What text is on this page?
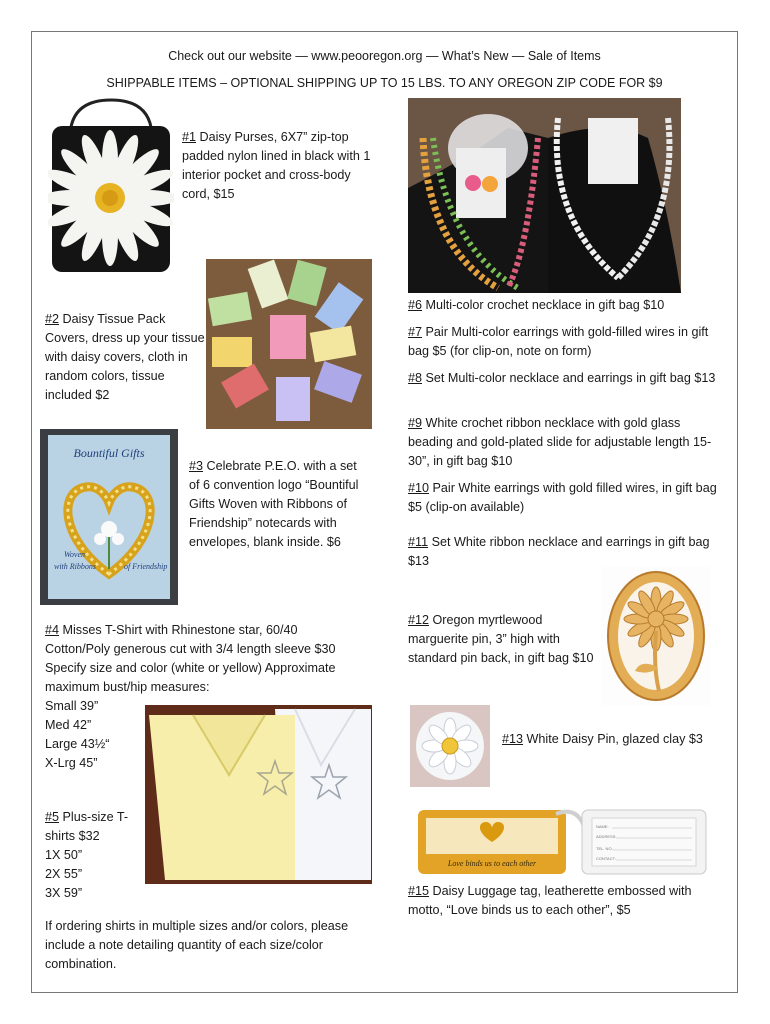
Check out our website — www.peooregon.org — What’s New — Sale of Items
SHIPPABLE ITEMS – OPTIONAL SHIPPING UP TO 15 LBS. TO ANY OREGON ZIP CODE FOR $9
#1 Daisy Purses, 6X7” zip-top padded nylon lined in black with 1 interior pocket and cross-body cord, $15
#2 Daisy Tissue Pack Covers, dress up your tissue with daisy covers, cloth in random colors, tissue included $2
Bountiful Gifts
Woven
with Ribbons	of Friendship
#3 Celebrate P.E.O. with a set of 6 convention logo “Bountiful Gifts Woven with Ribbons of Friendship” notecards with envelopes, blank inside. $6
#4 Misses T-Shirt with Rhinestone star, 60/40 Cotton/Poly generous cut with 3/4 length sleeve $30 Specify size and color (white or yellow) Approximate maximum bust/hip measures:
Small 39”
Med 42”
Large 43½“
X-Lrg 45”
#5 Plus-size T-shirts $32
1X 50”
2X 55”
3X 59”
If ordering shirts in multiple sizes and/or colors, please include a note detailing quantity of each size/color combination.
#6 Multi-color crochet necklace in gift bag $10
#7 Pair Multi-color earrings with gold-filled wires in gift bag $5 (for clip-on, note on form)
#8 Set Multi-color necklace and earrings in gift bag $13
#9 White crochet ribbon necklace with gold glass beading and gold-plated slide for adjustable length 15-30”, in gift bag $10
#10 Pair White earrings with gold filled wires, in gift bag $5 (clip-on available)
#11 Set White ribbon necklace and earrings in gift bag $13
#12 Oregon myrtlewood marguerite pin, 3” high with standard pin back, in gift bag $10
#13 White Daisy Pin, glazed clay $3
Love binds us to each other
NAME:
ADDRESS:
TEL. NO.
CONTACT:
#15 Daisy Luggage tag, leatherette embossed with motto, “Love binds us to each other”, $5
